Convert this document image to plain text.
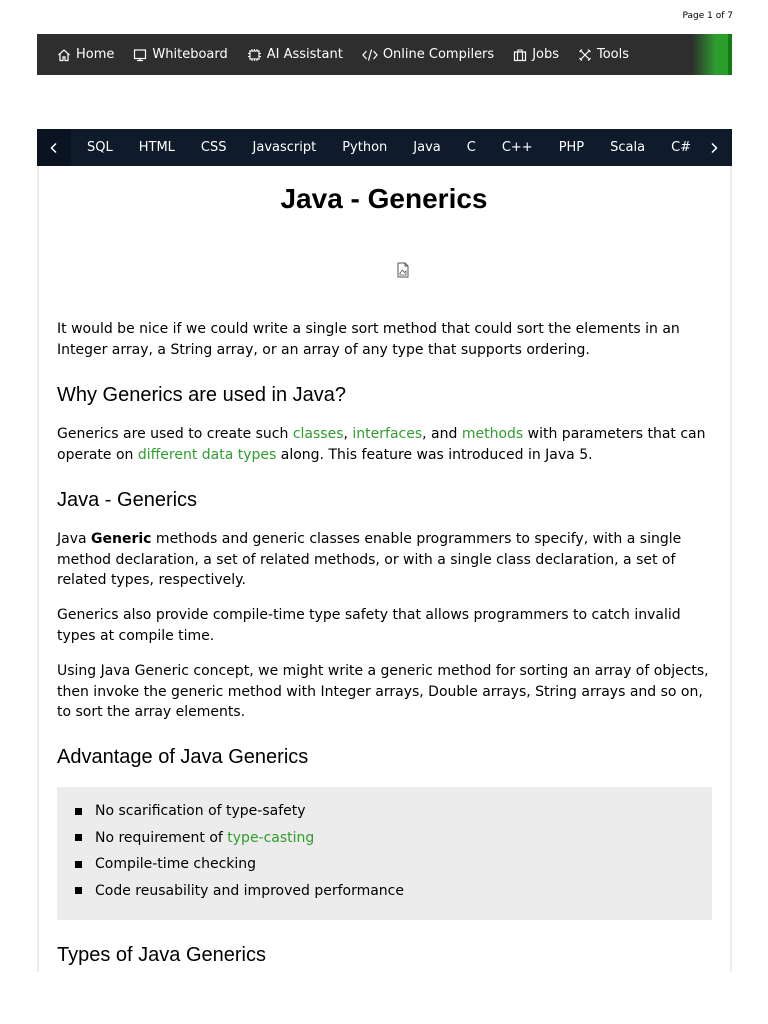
Page 1 of 7
Home	Whiteboard	AI Assistant	Online Compilers	Jobs	Tools
SQL HTML CSS Javascript Python Java C C++ PHP Scala C#
Java - Generics

It would be nice if we could write a single sort method that could sort the elements in an Integer array, a String array, or an array of any type that supports ordering.

Why Generics are used in Java?

Generics are used to create such classes, interfaces, and methods with parameters that can operate on different data types along. This feature was introduced in Java 5.

Java - Generics

Java Generic methods and generic classes enable programmers to specify, with a single method declaration, a set of related methods, or with a single class declaration, a set of related types, respectively.

Generics also provide compile-time type safety that allows programmers to catch invalid types at compile time.

Using Java Generic concept, we might write a generic method for sorting an array of objects, then invoke the generic method with Integer arrays, Double arrays, String arrays and so on, to sort the array elements.

Advantage of Java Generics
No scarification of type-safety
No requirement of type-casting
Compile-time checking
Code reusability and improved performance
Types of Java Generics
